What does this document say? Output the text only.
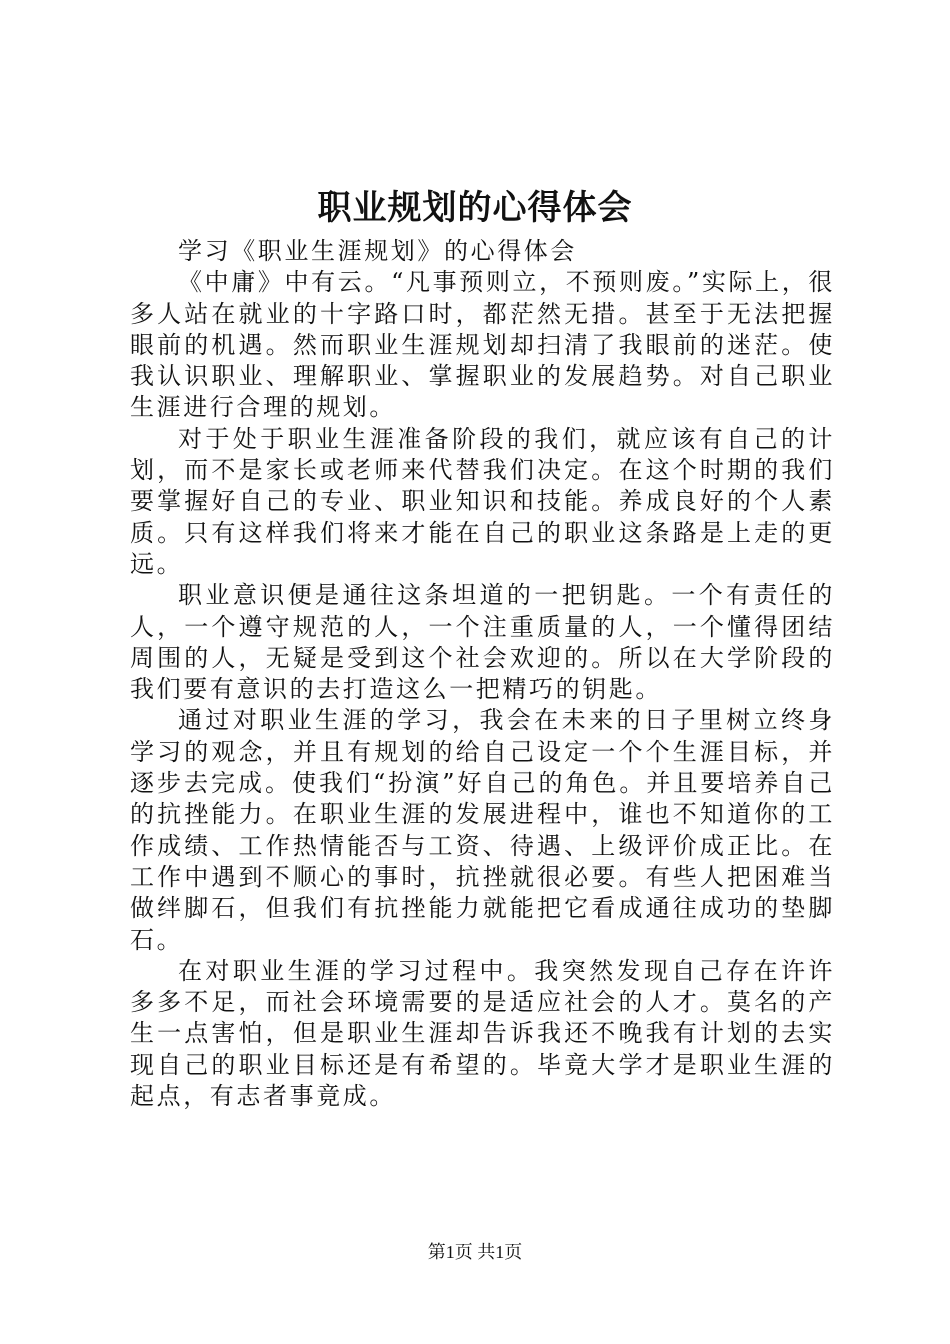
职业规划的心得体会

学习《职业生涯规划》的心得体会

《中庸》中有云。“凡事预则立，不预则废。”实际上，很多人站在就业的十字路口时，都茫然无措。甚至于无法把握眼前的机遇。然而职业生涯规划却扫清了我眼前的迷茫。使我认识职业、理解职业、掌握职业的发展趋势。对自己职业生涯进行合理的规划。

对于处于职业生涯准备阶段的我们，就应该有自己的计划，而不是家长或老师来代替我们决定。在这个时期的我们要掌握好自己的专业、职业知识和技能。养成良好的个人素质。只有这样我们将来才能在自己的职业这条路是上走的更远。

职业意识便是通往这条坦道的一把钥匙。一个有责任的人，一个遵守规范的人，一个注重质量的人，一个懂得团结周围的人，无疑是受到这个社会欢迎的。所以在大学阶段的我们要有意识的去打造这么一把精巧的钥匙。

通过对职业生涯的学习，我会在未来的日子里树立终身学习的观念，并且有规划的给自己设定一个个生涯目标，并逐步去完成。使我们“扮演”好自己的角色。并且要培养自己的抗挫能力。在职业生涯的发展进程中，谁也不知道你的工作成绩、工作热情能否与工资、待遇、上级评价成正比。在工作中遇到不顺心的事时，抗挫就很必要。有些人把困难当做绊脚石，但我们有抗挫能力就能把它看成通往成功的垫脚石。

在对职业生涯的学习过程中。我突然发现自己存在许许多多不足，而社会环境需要的是适应社会的人才。莫名的产生一点害怕，但是职业生涯却告诉我还不晚我有计划的去实现自己的职业目标还是有希望的。毕竟大学才是职业生涯的起点，有志者事竟成。

第1页 共1页
